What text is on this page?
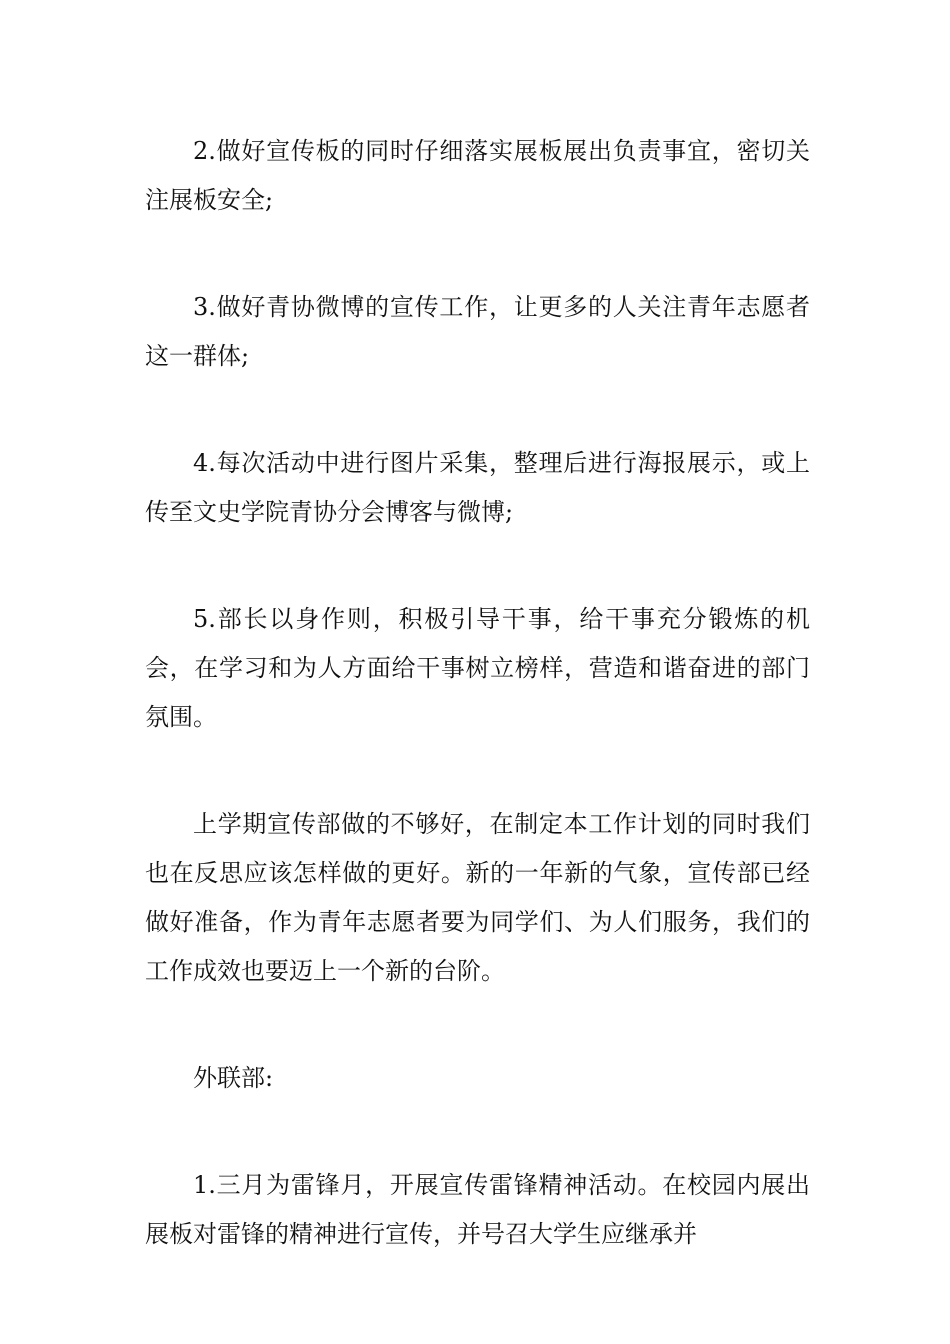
2.做好宣传板的同时仔细落实展板展出负责事宜，密切关注展板安全;

3.做好青协微博的宣传工作，让更多的人关注青年志愿者这一群体;

4.每次活动中进行图片采集，整理后进行海报展示，或上传至文史学院青协分会博客与微博;

5.部长以身作则，积极引导干事，给干事充分锻炼的机会，在学习和为人方面给干事树立榜样，营造和谐奋进的部门氛围。

上学期宣传部做的不够好，在制定本工作计划的同时我们也在反思应该怎样做的更好。新的一年新的气象，宣传部已经做好准备，作为青年志愿者要为同学们、为人们服务，我们的工作成效也要迈上一个新的台阶。

外联部:

1.三月为雷锋月，开展宣传雷锋精神活动。在校园内展出展板对雷锋的精神进行宣传，并号召大学生应继承并
